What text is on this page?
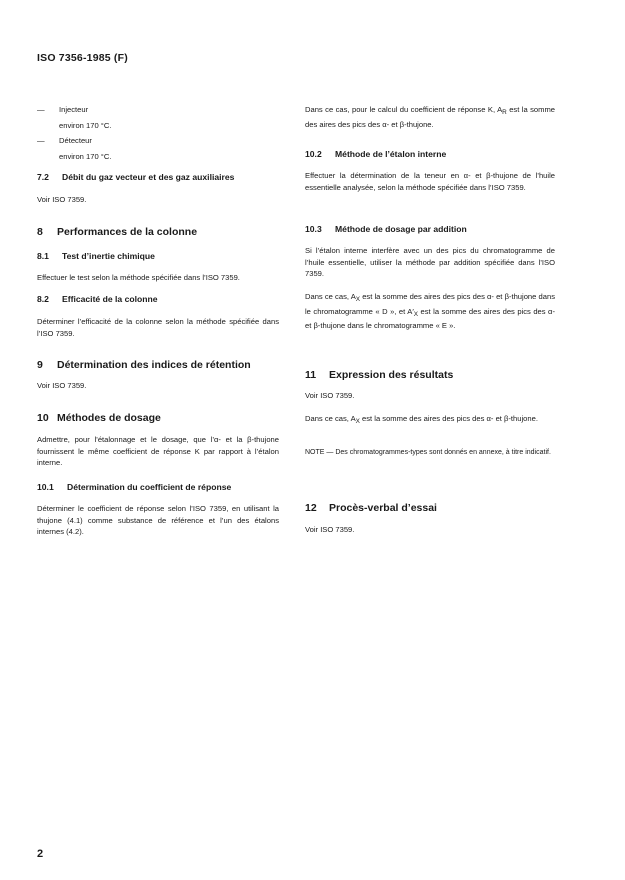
ISO 7356-1985 (F)
— Injecteur
environ 170 °C.
— Détecteur
environ 170 °C.
7.2 Débit du gaz vecteur et des gaz auxiliaires
Voir ISO 7359.
8 Performances de la colonne
8.1 Test d’inertie chimique
Effectuer le test selon la méthode spécifiée dans l’ISO 7359.
8.2 Efficacité de la colonne
Déterminer l’efficacité de la colonne selon la méthode spécifiée dans l’ISO 7359.
9 Détermination des indices de rétention
Voir ISO 7359.
10 Méthodes de dosage
Admettre, pour l’étalonnage et le dosage, que l’α- et la β-thujone fournissent le même coefficient de réponse K par rapport à l’étalon interne.
10.1 Détermination du coefficient de réponse
Déterminer le coefficient de réponse selon l’ISO 7359, en utilisant la thujone (4.1) comme substance de référence et l’un des étalons internes (4.2).
Dans ce cas, pour le calcul du coefficient de réponse K, $A_R$ est la somme des aires des pics des α- et β-thujone.
10.2 Méthode de l’étalon interne
Effectuer la détermination de la teneur en α- et β-thujone de l’huile essentielle analysée, selon la méthode spécifiée dans l’ISO 7359.
10.3 Méthode de dosage par addition
Si l’étalon interne interfère avec un des pics du chromatogramme de l’huile essentielle, utiliser la méthode par addition spécifiée dans l’ISO 7359.
Dans ce cas, $A_X$ est la somme des aires des pics des α- et β-thujone dans le chromatogramme « D », et $A'_X$ est la somme des aires des pics des α- et β-thujone dans le chromatogramme « E ».
11 Expression des résultats
Voir ISO 7359.
Dans ce cas, $A_X$ est la somme des aires des pics des α- et β-thujone.
NOTE — Des chromatogrammes-types sont donnés en annexe, à titre indicatif.
12 Procès-verbal d’essai
Voir ISO 7359.
2
